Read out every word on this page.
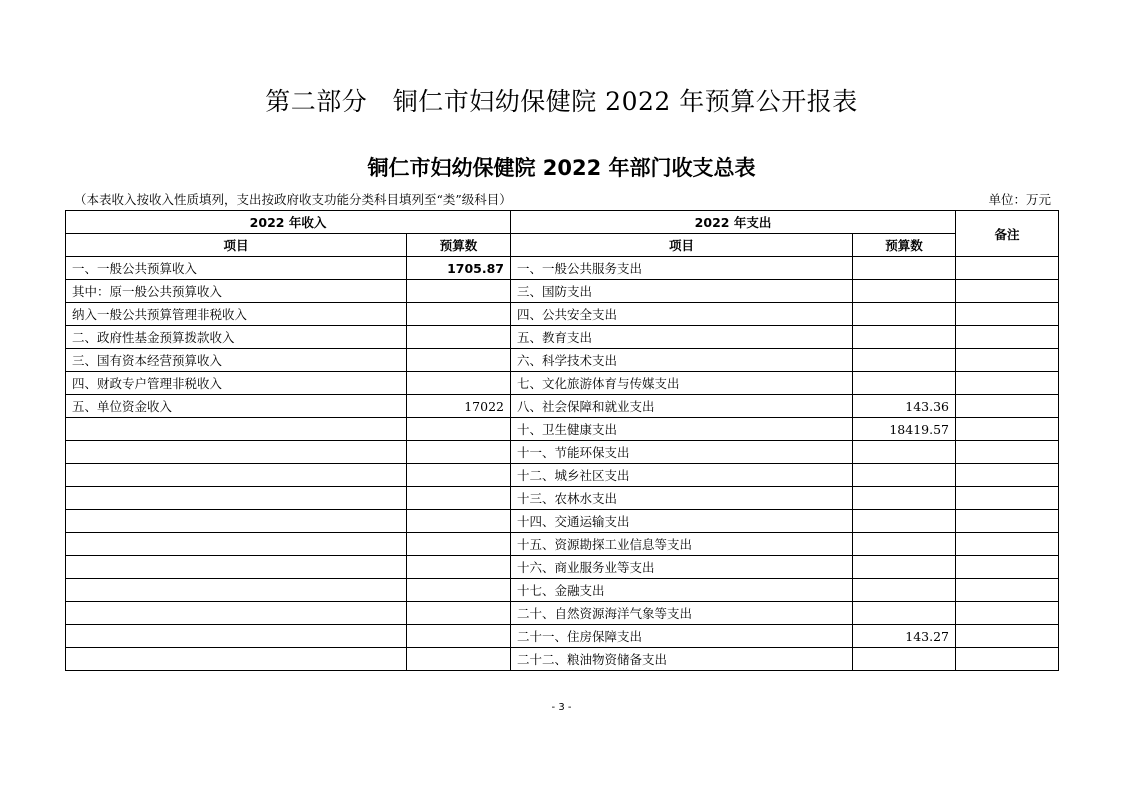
第二部分　铜仁市妇幼保健院 2022 年预算公开报表
铜仁市妇幼保健院 2022 年部门收支总表
（本表收入按收入性质填列，支出按政府收支功能分类科目填列至“类”级科目）	单位：万元
2022 年收入		2022 年支出		备注
项目	预算数	项目	预算数	
一、一般公共预算收入	1705.87	一、一般公共服务支出		
其中：原一般公共预算收入		三、国防支出		
纳入一般公共预算管理非税收入		四、公共安全支出		
二、政府性基金预算拨款收入		五、教育支出		
三、国有资本经营预算收入		六、科学技术支出		
四、财政专户管理非税收入		七、文化旅游体育与传媒支出		
五、单位资金收入	17022	八、社会保障和就业支出	143.36	
		十、卫生健康支出	18419.57	
		十一、节能环保支出		
		十二、城乡社区支出		
		十三、农林水支出		
		十四、交通运输支出		
		十五、资源勘探工业信息等支出		
		十六、商业服务业等支出		
		十七、金融支出		
		二十、自然资源海洋气象等支出		
		二十一、住房保障支出	143.27	
		二十二、粮油物资储备支出		
- 3 -
